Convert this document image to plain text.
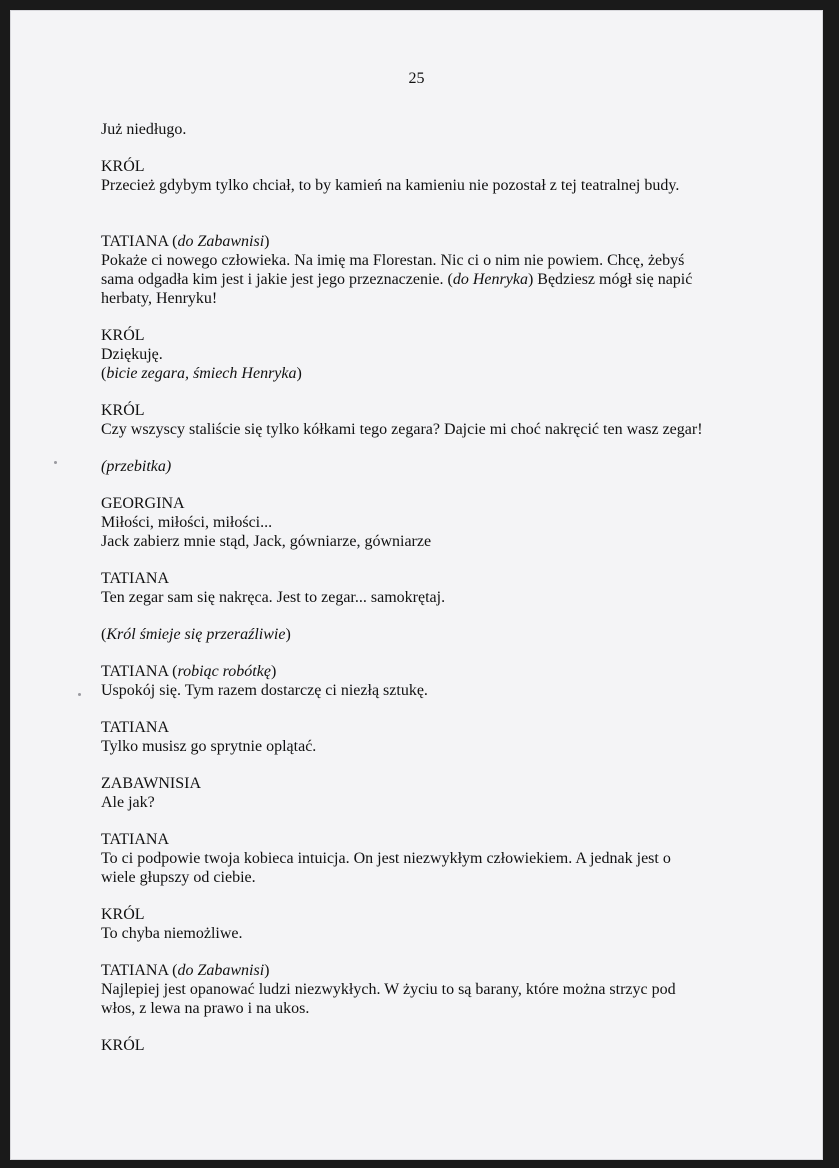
25

Już niedługo.

KRÓL

Przecież gdybym tylko chciał, to by kamień na kamieniu nie pozostał z tej teatralnej budy.

TATIANA (do Zabawnisi)

Pokaże ci nowego człowieka. Na imię ma Florestan. Nic ci o nim nie powiem. Chcę, żebyś

sama odgadła kim jest i jakie jest jego przeznaczenie. (do Henryka) Będziesz mógł się napić

herbaty, Henryku!

KRÓL

Dziękuję.

(bicie zegara, śmiech Henryka)

KRÓL

Czy wszyscy staliście się tylko kółkami tego zegara? Dajcie mi choć nakręcić ten wasz zegar!

(przebitka)

GEORGINA

Miłości, miłości, miłości...

Jack zabierz mnie stąd, Jack, gówniarze, gówniarze

TATIANA

Ten zegar sam się nakręca. Jest to zegar... samokrętaj.

(Król śmieje się przeraźliwie)

TATIANA (robiąc robótkę)

Uspokój się. Tym razem dostarczę ci niezłą sztukę.

TATIANA

Tylko musisz go sprytnie oplątać.

ZABAWNISIA

Ale jak?

TATIANA

To ci podpowie twoja kobieca intuicja. On jest niezwykłym człowiekiem. A jednak jest o

wiele głupszy od ciebie.

KRÓL

To chyba niemożliwe.

TATIANA (do Zabawnisi)

Najlepiej jest opanować ludzi niezwykłych. W życiu to są barany, które można strzyc pod

włos, z lewa na prawo i na ukos.

KRÓL
